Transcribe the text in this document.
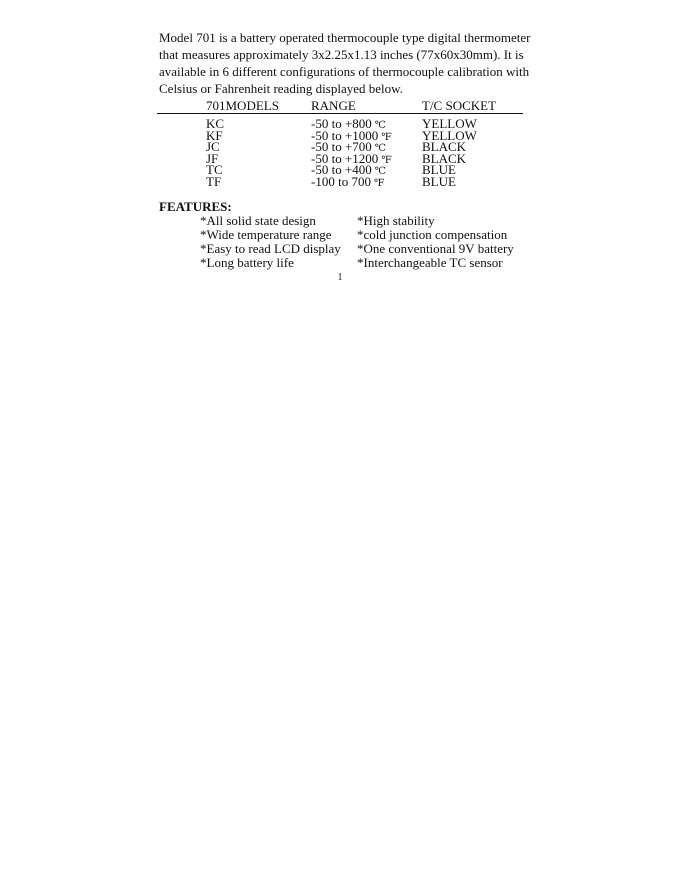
Model 701 is a battery operated thermocouple type digital thermometer
that measures approximately 3x2.25x1.13 inches (77x60x30mm). It is
available in 6 different configurations of thermocouple calibration with
Celsius or Fahrenheit reading displayed below.

701MODELS RANGE	T/C SOCKET
KC	-50 to +800 ℃	YELLOW
KF	-50 to +1000 ℉ YELLOW
JC	-50 to +700 ℃	BLACK
JF	-50 to +1200 ℉ BLACK
TC	-50 to +400 ℃	BLUE
TF	-100 to 700 ℉	BLUE
FEATURES:
*All solid state design	*High stability
*Wide temperature range *cold junction compensation
*Easy to read LCD display *One conventional 9V battery
*Long battery life	*Interchangeable TC sensor
1
